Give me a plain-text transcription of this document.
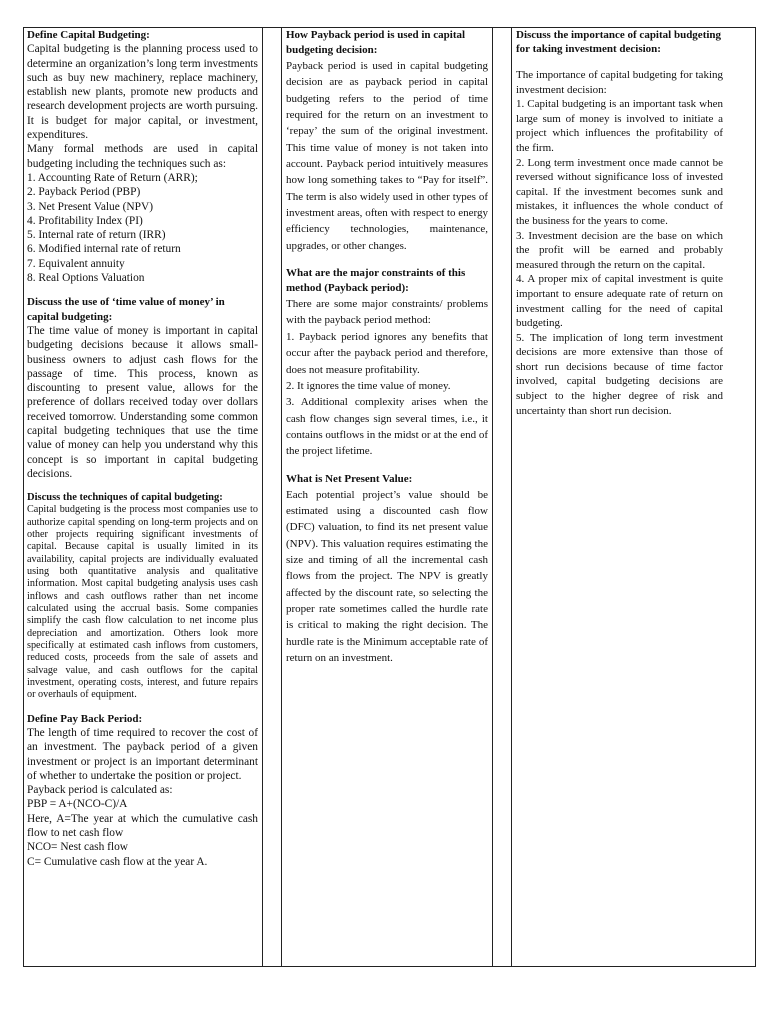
Define Capital Budgeting:

Capital budgeting is the planning process used to determine an organization’s long term investments such as buy new machinery, replace machinery, establish new plants, promote new products and research development projects are worth pursuing. It is budget for major capital, or investment, expenditures.

Many formal methods are used in capital budgeting including the techniques such as:

1. Accounting Rate of Return (ARR);
2. Payback Period (PBP)
3. Net Present Value (NPV)
4. Profitability Index (PI)
5. Internal rate of return (IRR)
6. Modified internal rate of return
7. Equivalent annuity
8. Real Options Valuation

Discuss the use of ‘time value of money’ in capital budgeting:

The time value of money is important in capital budgeting decisions because it allows small-business owners to adjust cash flows for the passage of time. This process, known as discounting to present value, allows for the preference of dollars received today over dollars received tomorrow. Understanding some common capital budgeting techniques that use the time value of money can help you understand why this concept is so important in capital budgeting decisions.

Discuss the techniques of capital budgeting:

Capital budgeting is the process most companies use to authorize capital spending on long-term projects and on other projects requiring significant investments of capital. Because capital is usually limited in its availability, capital projects are individually evaluated using both quantitative analysis and qualitative information. Most capital budgeting analysis uses cash inflows and cash outflows rather than net income calculated using the accrual basis. Some companies simplify the cash flow calculation to net income plus depreciation and amortization. Others look more specifically at estimated cash inflows from customers, reduced costs, proceeds from the sale of assets and salvage value, and cash outflows for the capital investment, operating costs, interest, and future repairs or overhauls of equipment.

Define Pay Back Period:

The length of time required to recover the cost of an investment. The payback period of a given investment or project is an important determinant of whether to undertake the position or project.

Payback period is calculated as:

PBP = A+(NCO-C)/A

Here, A=The year at which the cumulative cash flow to net cash flow

NCO= Nest cash flow

C= Cumulative cash flow at the year A.

How Payback period is used in capital budgeting decision:

Payback period is used in capital budgeting decision are as payback period in capital budgeting refers to the period of time required for the return on an investment to ‘repay’ the sum of the original investment. This time value of money is not taken into account. Payback period intuitively measures how long something takes to “Pay for itself”. The term is also widely used in other types of investment areas, often with respect to energy efficiency technologies, maintenance, upgrades, or other changes.

What are the major constraints of this method (Payback period):

There are some major constraints/ problems with the payback period method:

1. Payback period ignores any benefits that occur after the payback period and therefore, does not measure profitability.

2. It ignores the time value of money.

3. Additional complexity arises when the cash flow changes sign several times, i.e., it contains outflows in the midst or at the end of the project lifetime.

What is Net Present Value:

Each potential project’s value should be estimated using a discounted cash flow (DFC) valuation, to find its net present value (NPV). This valuation requires estimating the size and timing of all the incremental cash flows from the project. The NPV is greatly affected by the discount rate, so selecting the proper rate sometimes called the hurdle rate is critical to making the right decision. The hurdle rate is the Minimum acceptable rate of return on an investment.

Discuss the importance of capital budgeting for taking investment decision:

The importance of capital budgeting for taking investment decision:

1. Capital budgeting is an important task when large sum of money is involved to initiate a project which influences the profitability of the firm.

2. Long term investment once made cannot be reversed without significance loss of invested capital. If the investment becomes sunk and mistakes, it influences the whole conduct of the business for the years to come.

3. Investment decision are the base on which the profit will be earned and probably measured through the return on the capital.

4. A proper mix of capital investment is quite important to ensure adequate rate of return on investment calling for the need of capital budgeting.

5. The implication of long term investment decisions are more extensive than those of short run decisions because of time factor involved, capital budgeting decisions are subject to the higher degree of risk and uncertainty than short run decision.
